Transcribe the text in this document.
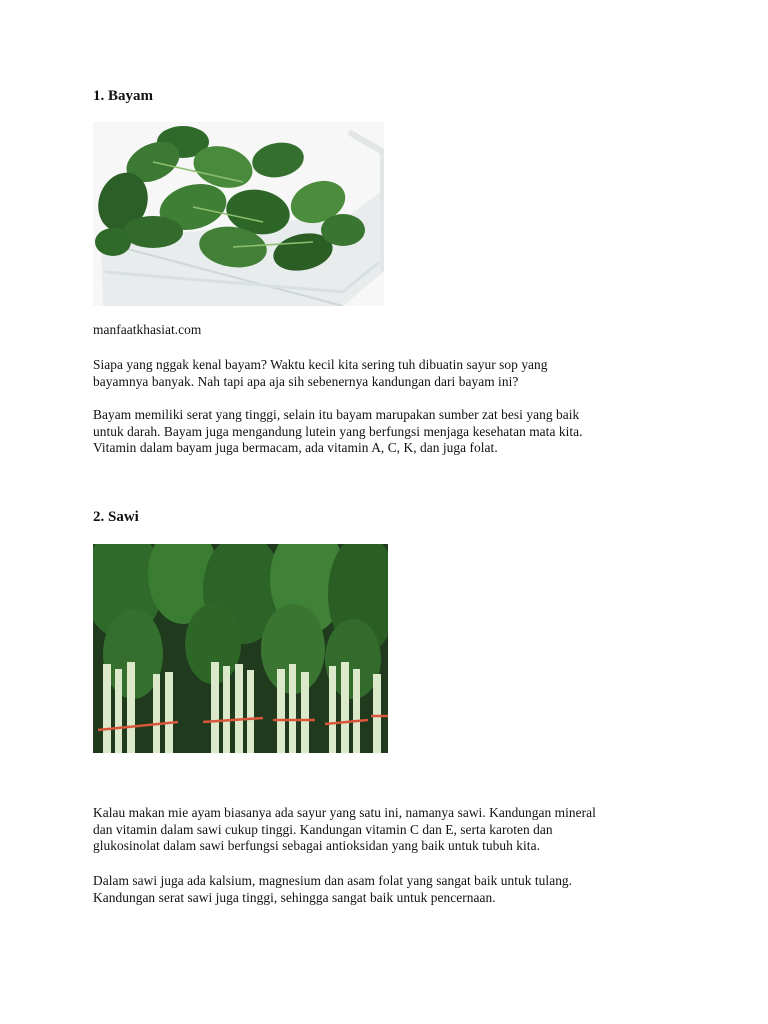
1. Bayam

manfaatkhasiat.com

Siapa yang nggak kenal bayam? Waktu kecil kita sering tuh dibuatin sayur sop yang
bayamnya banyak. Nah tapi apa aja sih sebenernya kandungan dari bayam ini?

Bayam memiliki serat yang tinggi, selain itu bayam marupakan sumber zat besi yang baik
untuk darah. Bayam juga mengandung lutein yang berfungsi menjaga kesehatan mata kita.
Vitamin dalam bayam juga bermacam, ada vitamin A, C, K, dan juga folat.

2. Sawi

Kalau makan mie ayam biasanya ada sayur yang satu ini, namanya sawi. Kandungan mineral
dan vitamin dalam sawi cukup tinggi. Kandungan vitamin C dan E, serta karoten dan
glukosinolat dalam sawi berfungsi sebagai antioksidan yang baik untuk tubuh kita.

Dalam sawi juga ada kalsium, magnesium dan asam folat yang sangat baik untuk tulang.
Kandungan serat sawi juga tinggi, sehingga sangat baik untuk pencernaan.
